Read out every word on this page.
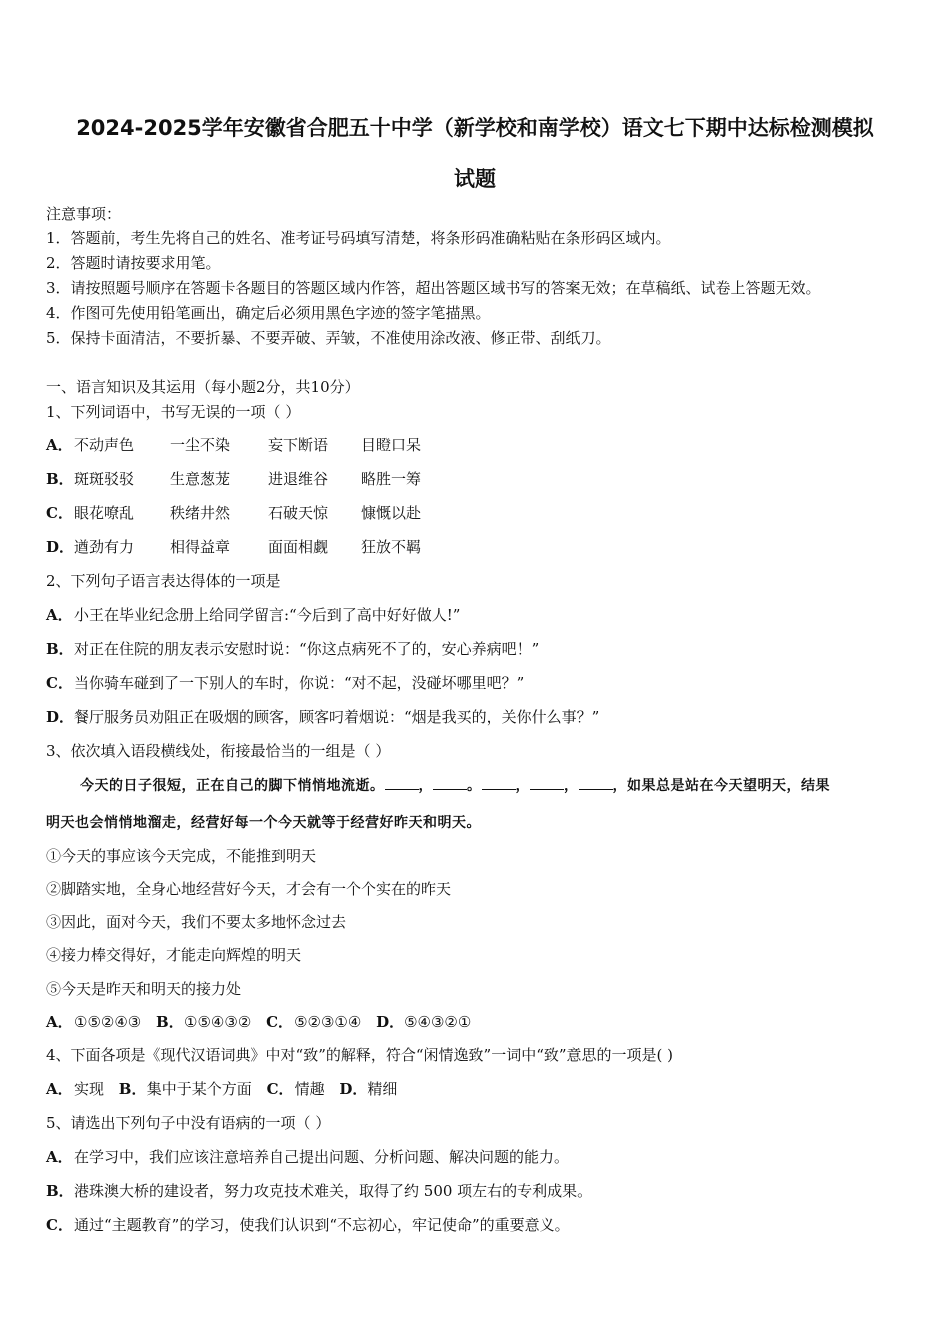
2024-2025学年安徽省合肥五十中学（新学校和南学校）语文七下期中达标检测模拟
试题
注意事项：
1．答题前，考生先将自己的姓名、准考证号码填写清楚，将条形码准确粘贴在条形码区域内。
2．答题时请按要求用笔。
3．请按照题号顺序在答题卡各题目的答题区域内作答，超出答题区域书写的答案无效；在草稿纸、试卷上答题无效。
4．作图可先使用铅笔画出，确定后必须用黑色字迹的签字笔描黑。
5．保持卡面清洁，不要折暴、不要弄破、弄皱，不准使用涂改液、修正带、刮纸刀。
一、语言知识及其运用（每小题2分，共10分）
1、下列词语中，书写无误的一项（ ）
A．不动声色 一尘不染	妄下断语 目瞪口呆
B．斑斑驳驳 生意葱茏	进退维谷 略胜一筹
C．眼花嘹乱 秩绪井然	石破天惊 慷慨以赴
D．遒劲有力 相得益章	面面相觑 狂放不羁
2、下列句子语言表达得体的一项是
A．小王在毕业纪念册上给同学留言:“今后到了高中好好做人!”
B．对正在住院的朋友表示安慰时说：“你这点病死不了的，安心养病吧！”
C．当你骑车碰到了一下别人的车时，你说：“对不起，没碰坏哪里吧？”
D．餐厅服务员劝阻正在吸烟的顾客，顾客叼着烟说：“烟是我买的，关你什么事？”
3、依次填入语段横线处，衔接最恰当的一组是（ ）
今天的日子很短，正在自己的脚下悄悄地流逝。 ， 。 ， ， ，如果总是站在今天望明天，结果
明天也会悄悄地溜走，经营好每一个今天就等于经营好昨天和明天。
①今天的事应该今天完成，不能推到明天
②脚踏实地，全身心地经营好今天，才会有一个个实在的昨天
③因此，面对今天，我们不要太多地怀念过去
④接力棒交得好，才能走向辉煌的明天
⑤今天是昨天和明天的接力处
A．①⑤②④③ B．①⑤④③② C．⑤②③①④ D．⑤④③②①
4、下面各项是《现代汉语词典》中对“致”的解释，符合“闲情逸致”一词中“致”意思的一项是( )
A．实现 B．集中于某个方面 C．情趣 D．精细
5、请选出下列句子中没有语病的一项（ ）
A．在学习中，我们应该注意培养自己提出问题、分析问题、解决问题的能力。
B．港珠澳大桥的建设者，努力攻克技术难关，取得了约 500 项左右的专利成果。
C．通过“主题教育”的学习，使我们认识到“不忘初心，牢记使命”的重要意义。
